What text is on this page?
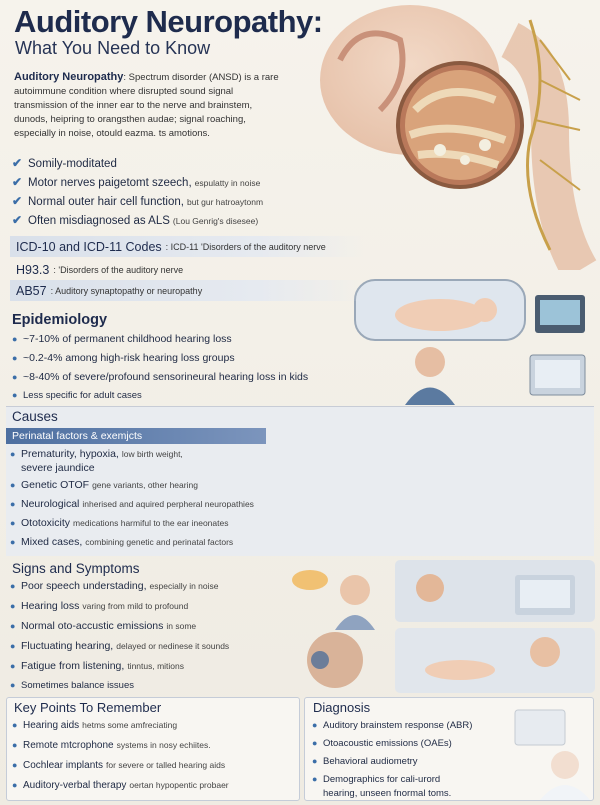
Auditory Neuropathy:
What You Need to Know
Auditory Neuropathy: Spectrum disorder (ANSD) is a rare autoimmune condition where disrupted sound signal transmission of the inner ear to the nerve and brainstem, dunods, heipring to orangsthen audae; signal roaching, especially in noise, otould eazma. ts amotions.
✔ Somily-moditated
✔ Motor nerves paigetomt szeech, espulatty in noise
✔ Normal outer hair cell function, but gur hatroaytonm
✔ Often misdiagnosed as ALS (Lou Genrig's disesee)
ICD-10 and ICD-11 Codes : ICD-11 'Disorders of the auditory nerve
H93.3 : 'Disorders of the auditory nerve
AB57 : Auditory synaptopathy or neuropathy
Epidemiology
● ~7-10% of permanent childhood hearing loss
● ~0.2-4% among high-risk hearing loss groups
● ~8-40% of severe/profound sensorineural hearing loss in kids
● Less specific for adult cases
Causes
Perinatal factors & exemjcts
● Prematurity, hypoxia, low birth weight,
severe jaundice
● Genetic OTOF gene variants, other hearing
● Neurological inherised and aquired perpheral neuropathies
● Ototoxicity medications harmiful to the ear ineonates
● Mixed cases, combining genetic and perinatal factors
Signs and Symptoms
● Poor speech understading, especially in noise
● Hearing loss varing from mild to profound
● Normal oto-accustic emissions in some
● Fluctuating hearing, delayed or nedinese it sounds
● Fatigue from listening, tinntus, mitions
● Sometimes balance issues
Key Points To Remember
● Hearing aids hetms some amfreciating
● Remote mtcrophone systems in nosy echiites.
● Cochlear implants for severe or talled hearing aids
● Auditory-verbal therapy oertan hypopentic probaer
Diagnosis
● Auditory brainstem response (ABR)
● Otoacoustic emissions (OAEs)
● Behavioral audiometry
● Demographics for cali-urord
hearing, unseen fnormal toms.
